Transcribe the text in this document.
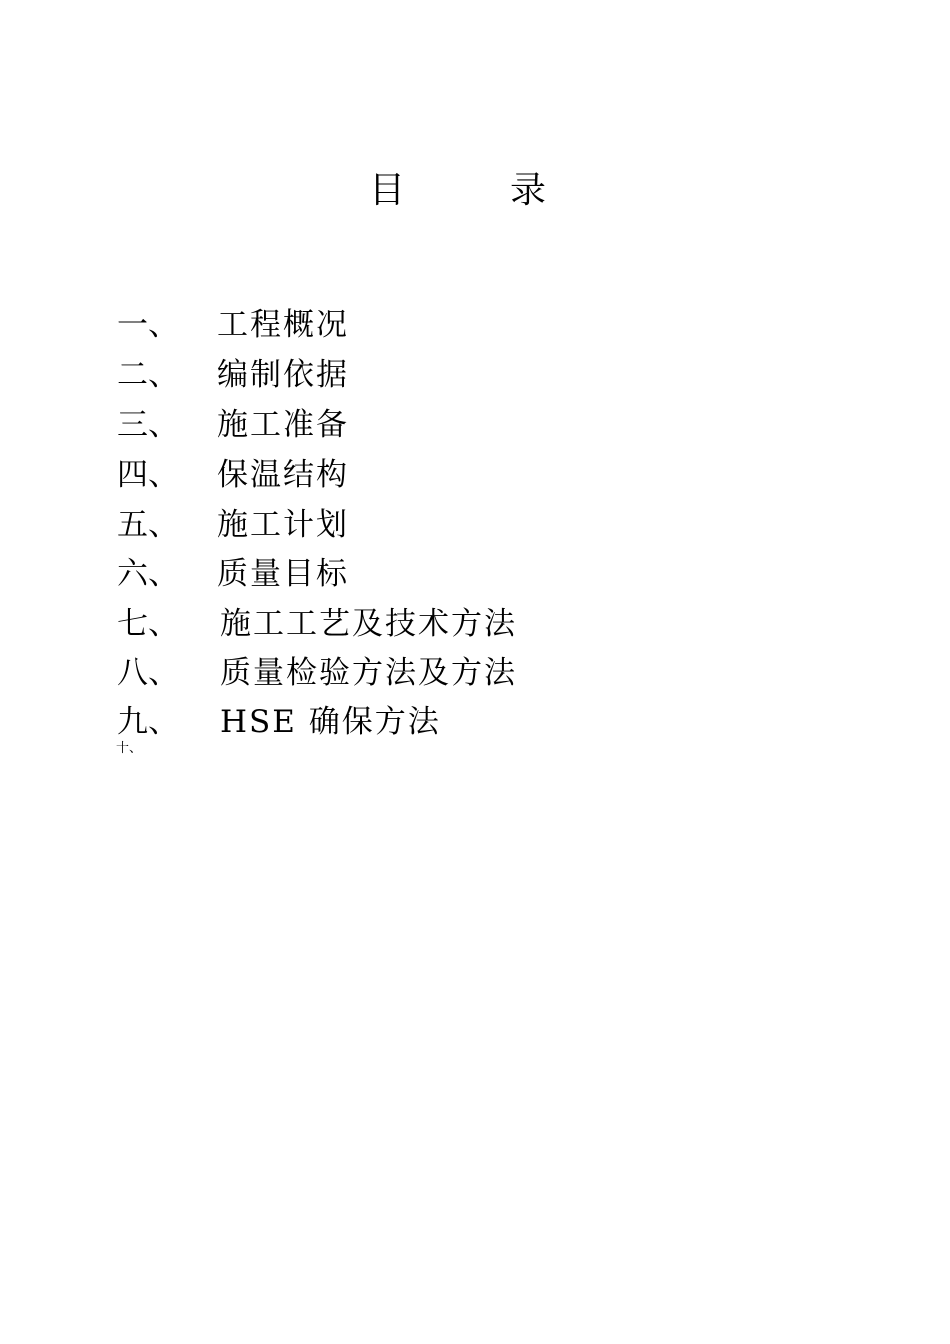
目	录
一、 工程概况
二、 编制依据
三、 施工准备
四、 保温结构
五、 施工计划
六、 质量目标
七、 施工工艺及技术方法
八、 质量检验方法及方法
九、 HSE 确保方法
十、
